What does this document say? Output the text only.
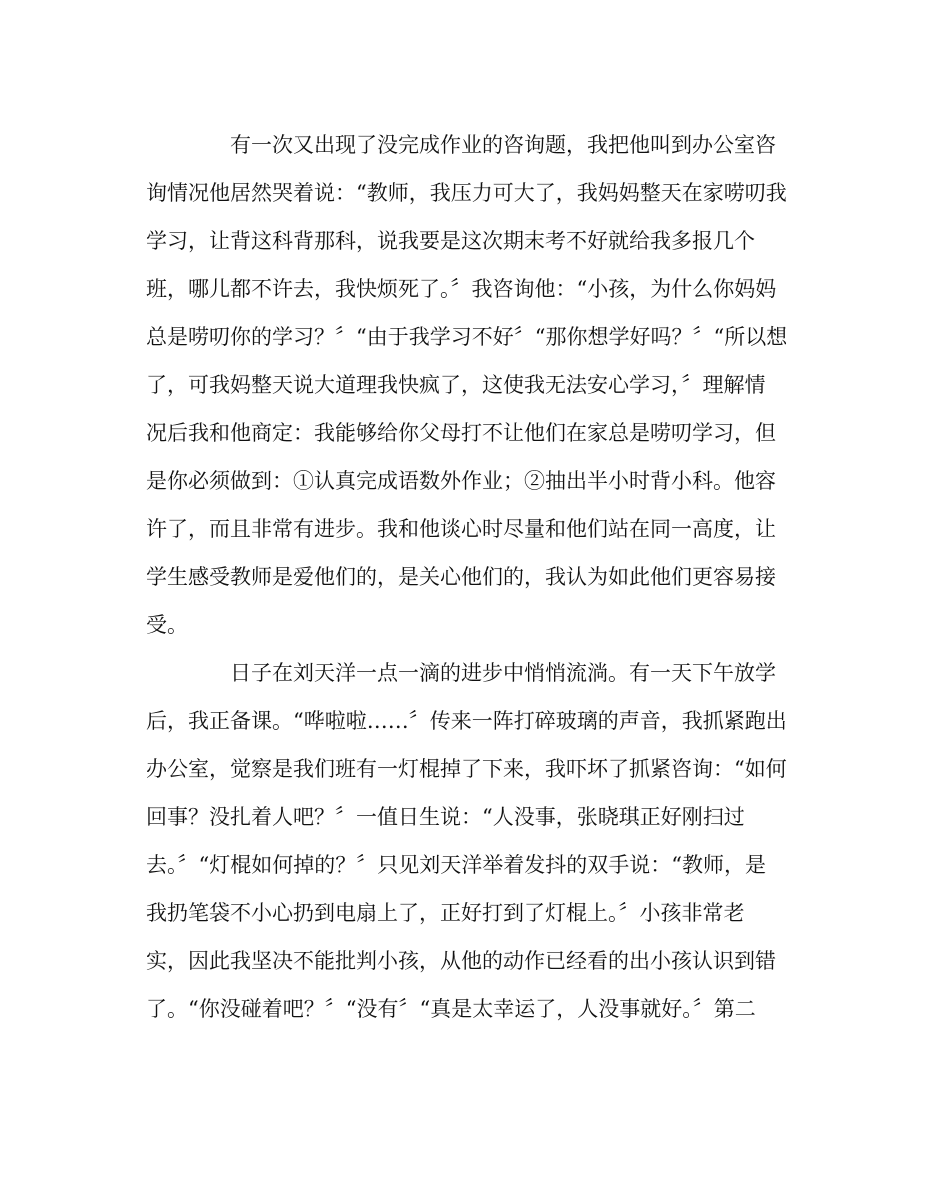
有一次又出现了没完成作业的咨询题，我把他叫到办公室咨
询情况他居然哭着说：“教师，我压力可大了，我妈妈整天在家唠叨我
学习，让背这科背那科，说我要是这次期末考不好就给我多报几个
班，哪儿都不许去，我快烦死了。〞我咨询他：“小孩，为什么你妈妈
总是唠叨你的学习？〞“由于我学习不好〞“那你想学好吗？〞“所以想
了，可我妈整天说大道理我快疯了，这使我无法安心学习，〞理解情
况后我和他商定：我能够给你父母打不让他们在家总是唠叨学习，但
是你必须做到：①认真完成语数外作业；②抽出半小时背小科。他容
许了，而且非常有进步。我和他谈心时尽量和他们站在同一高度，让
学生感受教师是爱他们的，是关心他们的，我认为如此他们更容易接
受。
日子在刘天洋一点一滴的进步中悄悄流淌。有一天下午放学
后，我正备课。“哗啦啦……〞传来一阵打碎玻璃的声音，我抓紧跑出
办公室，觉察是我们班有一灯棍掉了下来，我吓坏了抓紧咨询：“如何
回事？没扎着人吧？〞一值日生说：“人没事，张晓琪正好刚扫过
去。〞“灯棍如何掉的？〞只见刘天洋举着发抖的双手说：“教师，是
我扔笔袋不小心扔到电扇上了，正好打到了灯棍上。〞小孩非常老
实，因此我坚决不能批判小孩，从他的动作已经看的出小孩认识到错
了。“你没碰着吧？〞“没有〞“真是太幸运了，人没事就好。〞第二
